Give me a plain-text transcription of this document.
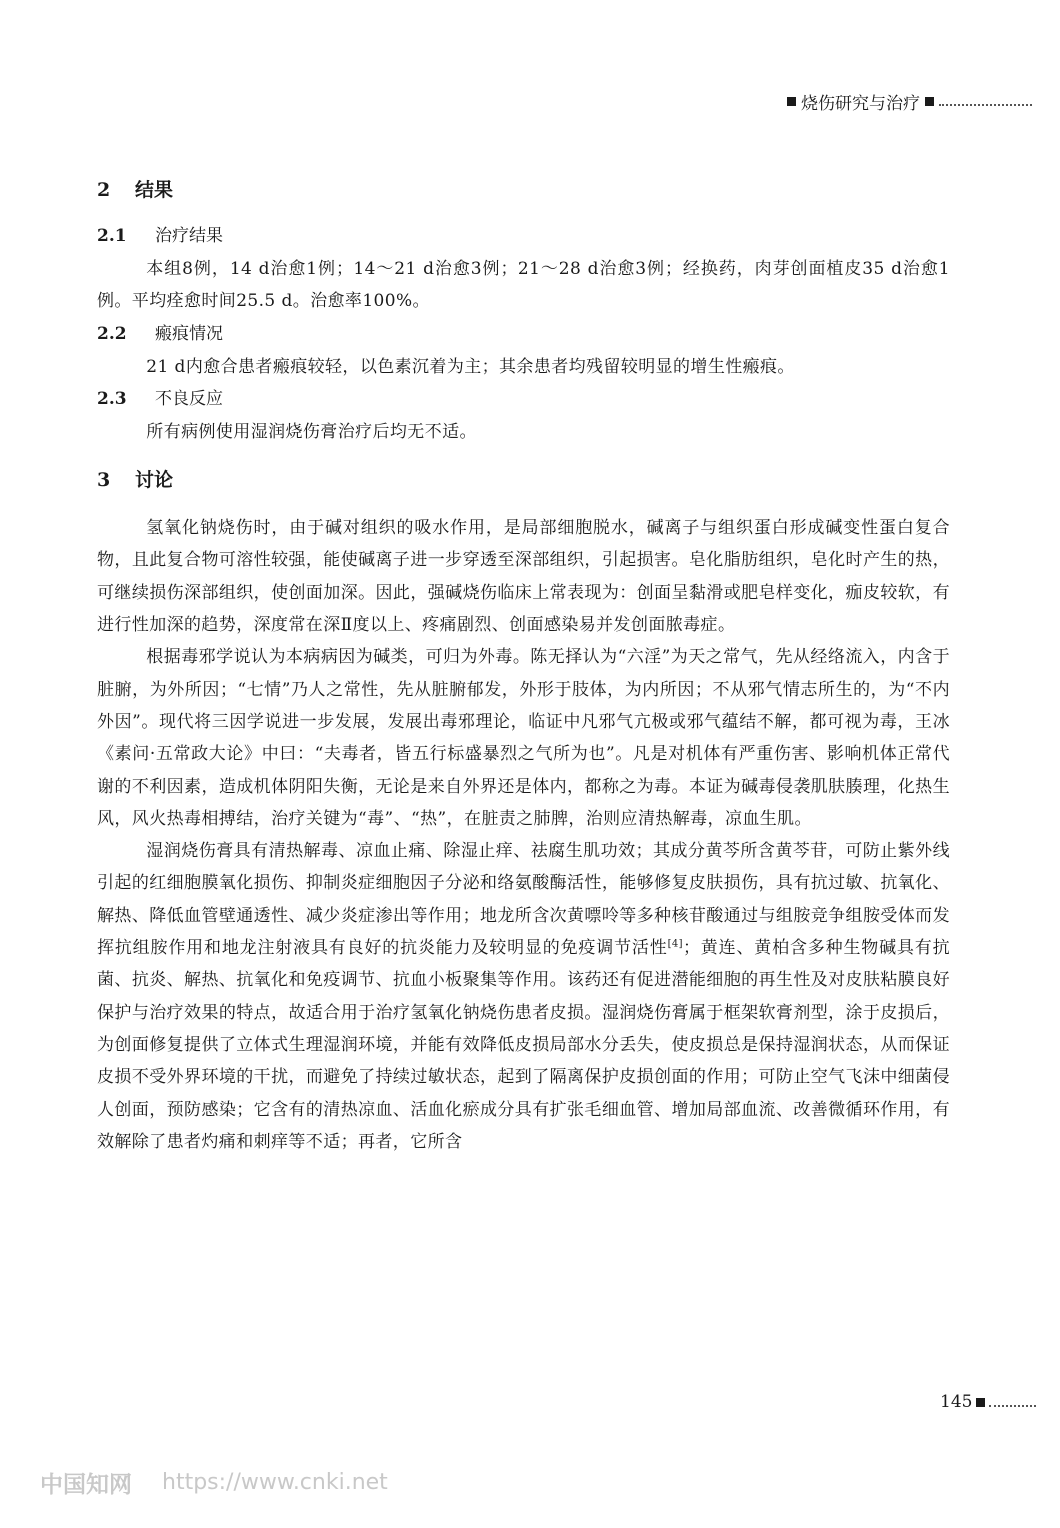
烧伤研究与治疗
2 结果
2.1 治疗结果

本组8例，14 d治愈1例；14～21 d治愈3例；21～28 d治愈3例；经换药，肉芽创面植皮35 d治愈1例。平均痊愈时间25.5 d。治愈率100%。

2.2 瘢痕情况

21 d内愈合患者瘢痕较轻，以色素沉着为主；其余患者均残留较明显的增生性瘢痕。

2.3 不良反应

所有病例使用湿润烧伤膏治疗后均无不适。

3 讨论

氢氧化钠烧伤时，由于碱对组织的吸水作用，是局部细胞脱水，碱离子与组织蛋白形成碱变性蛋白复合物，且此复合物可溶性较强，能使碱离子进一步穿透至深部组织，引起损害。皂化脂肪组织，皂化时产生的热，可继续损伤深部组织，使创面加深。因此，强碱烧伤临床上常表现为：创面呈黏滑或肥皂样变化，痂皮较软，有进行性加深的趋势，深度常在深Ⅱ度以上、疼痛剧烈、创面感染易并发创面脓毒症。

根据毒邪学说认为本病病因为碱类，可归为外毒。陈无择认为“六淫”为天之常气，先从经络流入，内含于脏腑，为外所因；“七情”乃人之常性，先从脏腑郁发，外形于肢体，为内所因；不从邪气情志所生的，为“不内外因”。现代将三因学说进一步发展，发展出毒邪理论，临证中凡邪气亢极或邪气蕴结不解，都可视为毒，王冰《素问·五常政大论》中曰：“夫毒者，皆五行标盛暴烈之气所为也”。凡是对机体有严重伤害、影响机体正常代谢的不利因素，造成机体阴阳失衡，无论是来自外界还是体内，都称之为毒。本证为碱毒侵袭肌肤腠理，化热生风，风火热毒相搏结，治疗关键为“毒”、“热”，在脏责之肺脾，治则应清热解毒，凉血生肌。

湿润烧伤膏具有清热解毒、凉血止痛、除湿止痒、祛腐生肌功效；其成分黄芩所含黄芩苷，可防止紫外线引起的红细胞膜氧化损伤、抑制炎症细胞因子分泌和络氨酸酶活性，能够修复皮肤损伤，具有抗过敏、抗氧化、解热、降低血管壁通透性、减少炎症渗出等作用；地龙所含次黄嘌呤等多种核苷酸通过与组胺竞争组胺受体而发挥抗组胺作用和地龙注射液具有良好的抗炎能力及较明显的免疫调节活性[4]；黄连、黄柏含多种生物碱具有抗菌、抗炎、解热、抗氧化和免疫调节、抗血小板聚集等作用。该药还有促进潜能细胞的再生性及对皮肤粘膜良好保护与治疗效果的特点，故适合用于治疗氢氧化钠烧伤患者皮损。湿润烧伤膏属于框架软膏剂型，涂于皮损后，为创面修复提供了立体式生理湿润环境，并能有效降低皮损局部水分丢失，使皮损总是保持湿润状态，从而保证皮损不受外界环境的干扰，而避免了持续过敏状态，起到了隔离保护皮损创面的作用；可防止空气飞沫中细菌侵人创面，预防感染；它含有的清热凉血、活血化瘀成分具有扩张毛细血管、增加局部血流、改善微循环作用，有效解除了患者灼痛和刺痒等不适；再者，它所含

145
中国知网 https://www.cnki.net
